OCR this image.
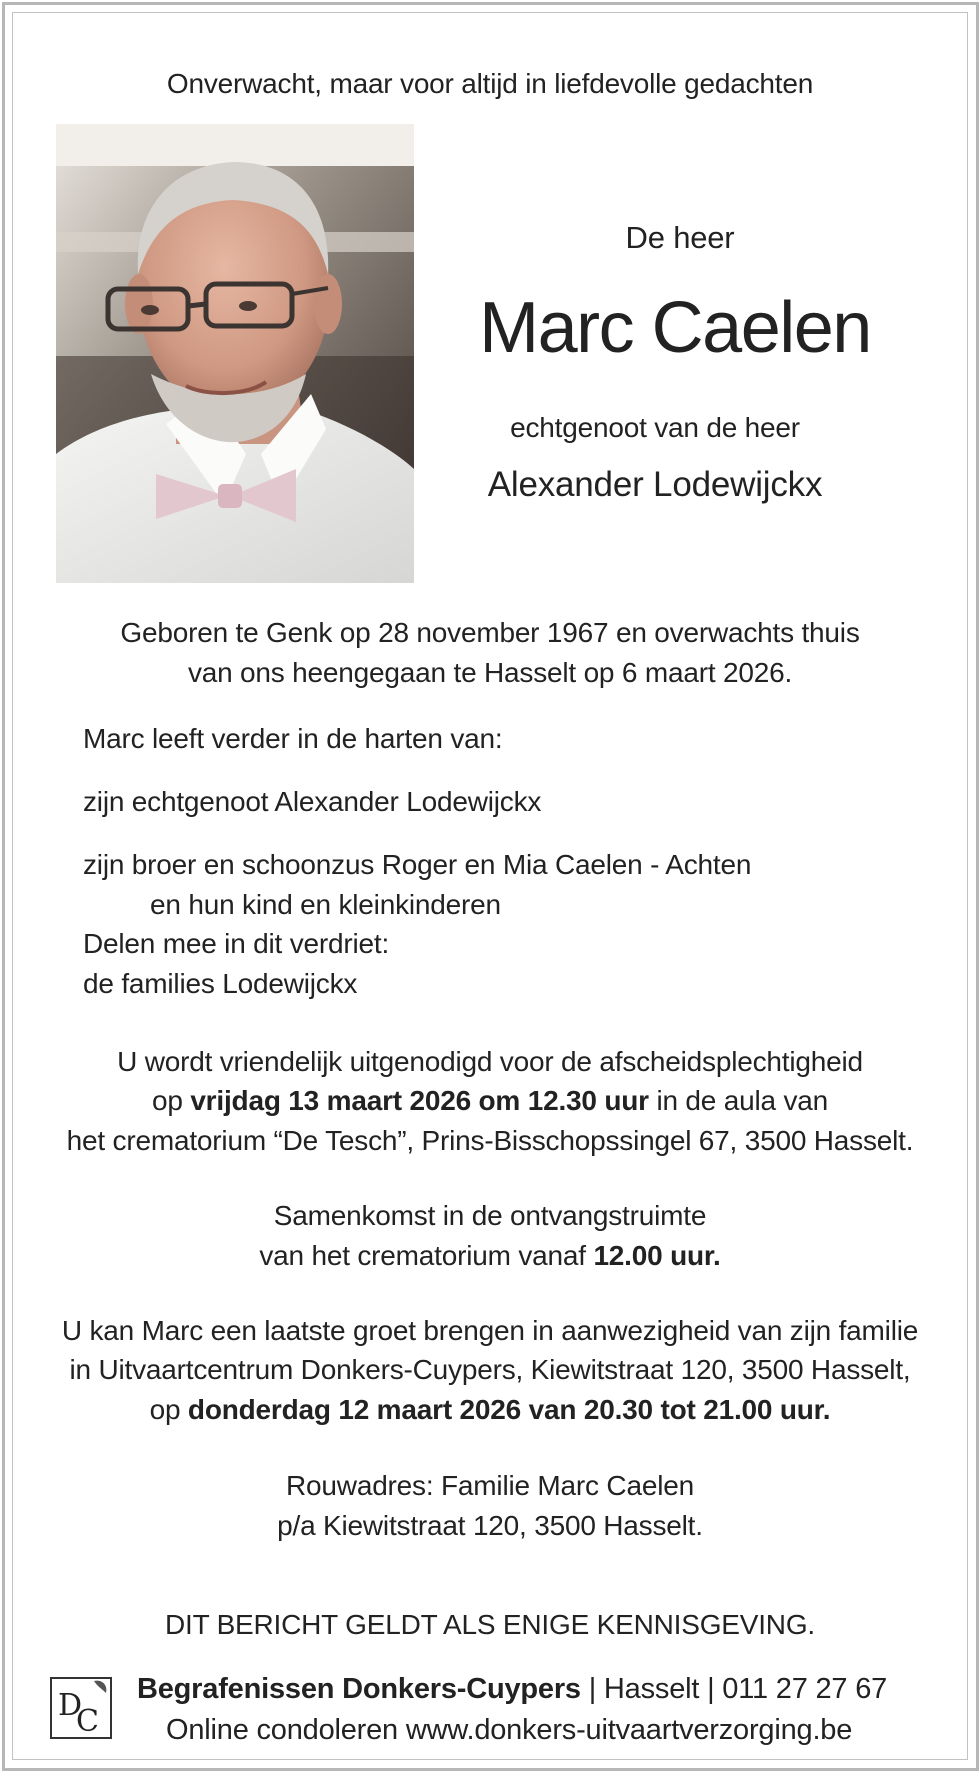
Onverwacht, maar voor altijd in liefdevolle gedachten
De heer
Marc Caelen
echtgenoot van de heer
Alexander Lodewijckx
Geboren te Genk op 28 november 1967 en overwachts thuis
van ons heengegaan te Hasselt op 6 maart 2026.
Marc leeft verder in de harten van:
zijn echtgenoot Alexander Lodewijckx
zijn broer en schoonzus Roger en Mia Caelen - Achten
en hun kind en kleinkinderen
Delen mee in dit verdriet:
de families Lodewijckx
U wordt vriendelijk uitgenodigd voor de afscheidsplechtigheid
op vrijdag 13 maart 2026 om 12.30 uur in de aula van
het crematorium “De Tesch”, Prins-Bisschopssingel 67, 3500 Hasselt.
Samenkomst in de ontvangstruimte
van het crematorium vanaf 12.00 uur.
U kan Marc een laatste groet brengen in aanwezigheid van zijn familie
in Uitvaartcentrum Donkers-Cuypers, Kiewitstraat 120, 3500 Hasselt,
op donderdag 12 maart 2026 van 20.30 tot 21.00 uur.
Rouwadres: Familie Marc Caelen
p/a Kiewitstraat 120, 3500 Hasselt.
DIT BERICHT GELDT ALS ENIGE KENNISGEVING.
D
C
Begrafenissen Donkers-Cuypers | Hasselt | 011 27 27 67
Online condoleren www.donkers-uitvaartverzorging.be
